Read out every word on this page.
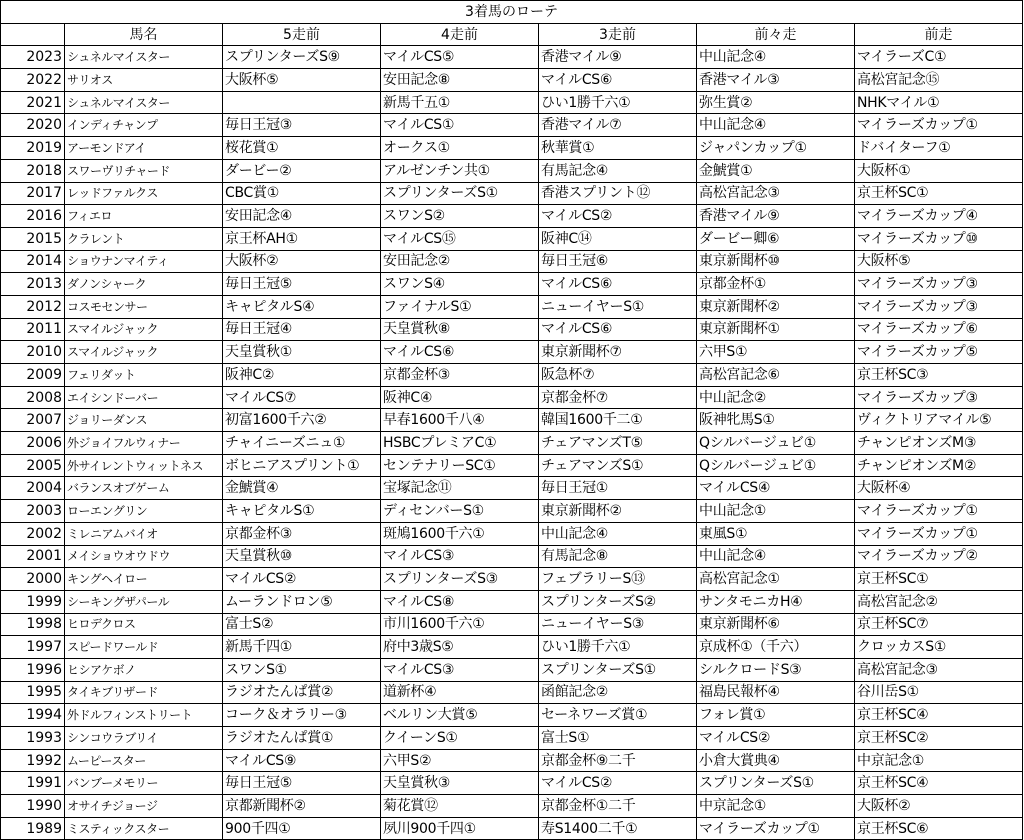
3着馬のローテ						
	馬名	5走前	4走前	3走前	前々走	前走
2023	シュネルマイスター	スプリンターズS⑨	マイルCS⑤	香港マイル⑨	中山記念④	マイラーズC①
2022	サリオス	大阪杯⑤	安田記念⑧	マイルCS⑥	香港マイル③	高松宮記念⑮
2021	シュネルマイスター		新馬千五①	ひい1勝千六①	弥生賞②	NHKマイル①
2020	インディチャンプ	毎日王冠③	マイルCS①	香港マイル⑦	中山記念④	マイラーズカップ①
2019	アーモンドアイ	桜花賞①	オークス①	秋華賞①	ジャパンカップ①	ドバイターフ①
2018	スワーヴリチャード	ダービー②	アルゼンチン共①	有馬記念④	金鯱賞①	大阪杯①
2017	レッドファルクス	CBC賞①	スプリンターズS①	香港スプリント⑫	高松宮記念③	京王杯SC①
2016	フィエロ	安田記念④	スワンS②	マイルCS②	香港マイル⑨	マイラーズカップ④
2015	クラレント	京王杯AH①	マイルCS⑮	阪神C⑭	ダービー卿⑥	マイラーズカップ⑩
2014	ショウナンマイティ	大阪杯②	安田記念②	毎日王冠⑥	東京新聞杯⑩	大阪杯⑤
2013	ダノンシャーク	毎日王冠⑤	スワンS④	マイルCS⑥	京都金杯①	マイラーズカップ③
2012	コスモセンサー	キャピタルS④	ファイナルS①	ニューイヤーS①	東京新聞杯②	マイラーズカップ③
2011	スマイルジャック	毎日王冠④	天皇賞秋⑧	マイルCS⑥	東京新聞杯①	マイラーズカップ⑥
2010	スマイルジャック	天皇賞秋①	マイルCS⑥	東京新聞杯⑦	六甲S①	マイラーズカップ⑤
2009	フェリダット	阪神C②	京都金杯③	阪急杯⑦	高松宮記念⑥	京王杯SC③
2008	エイシンドーバー	マイルCS⑦	阪神C④	京都金杯⑦	中山記念②	マイラーズカップ③
2007	ジョリーダンス	初富1600千六②	早春1600千八④	韓国1600千二①	阪神牝馬S①	ヴィクトリアマイル⑤
2006	外ジョイフルウィナー	チャイニーズニュ①	HSBCプレミアC①	チェアマンズT⑤	Qシルバージュビ①	チャンピオンズM③
2005	外サイレントウィットネス	ボヒニアスプリント①	センテナリーSC①	チェアマンズS①	Qシルバージュビ①	チャンピオンズM②
2004	バランスオブゲーム	金鯱賞④	宝塚記念⑪	毎日王冠①	マイルCS④	大阪杯④
2003	ローエングリン	キャピタルS①	ディセンバーS①	東京新聞杯②	中山記念①	マイラーズカップ①
2002	ミレニアムバイオ	京都金杯③	斑鳩1600千六①	中山記念④	東風S①	マイラーズカップ①
2001	メイショウオウドウ	天皇賞秋⑩	マイルCS③	有馬記念⑧	中山記念④	マイラーズカップ②
2000	キングヘイロー	マイルCS②	スプリンターズS③	フェブラリーS⑬	高松宮記念①	京王杯SC①
1999	シーキングザパール	ムーランドロン⑤	マイルCS⑧	スプリンターズS②	サンタモニカH④	高松宮記念②
1998	ヒロデクロス	富士S②	市川1600千六①	ニューイヤーS③	東京新聞杯⑥	京王杯SC⑦
1997	スピードワールド	新馬千四①	府中3歳S⑤	ひい1勝千六①	京成杯①（千六）	クロッカスS①
1996	ヒシアケボノ	スワンS①	マイルCS③	スプリンターズS①	シルクロードS③	高松宮記念③
1995	タイキブリザード	ラジオたんぱ賞②	道新杯④	函館記念②	福島民報杯④	谷川岳S①
1994	外ドルフィンストリート	コーク＆オラリー③	ベルリン大賞⑤	セーネワーズ賞①	フォレ賞①	京王杯SC④
1993	シンコウラブリイ	ラジオたんぱ賞①	クイーンS①	富士S①	マイルCS②	京王杯SC②
1992	ムーピースター	マイルCS⑨	六甲S②	京都金杯⑨二千	小倉大賞典④	中京記念①
1991	バンブーメモリー	毎日王冠⑤	天皇賞秋③	マイルCS②	スプリンターズS①	京王杯SC④
1990	オサイチジョージ	京都新聞杯②	菊花賞⑫	京都金杯①二千	中京記念①	大阪杯②
1989	ミスティックスター	900千四①	夙川900千四①	寿S1400二千①	マイラーズカップ①	京王杯SC⑥
